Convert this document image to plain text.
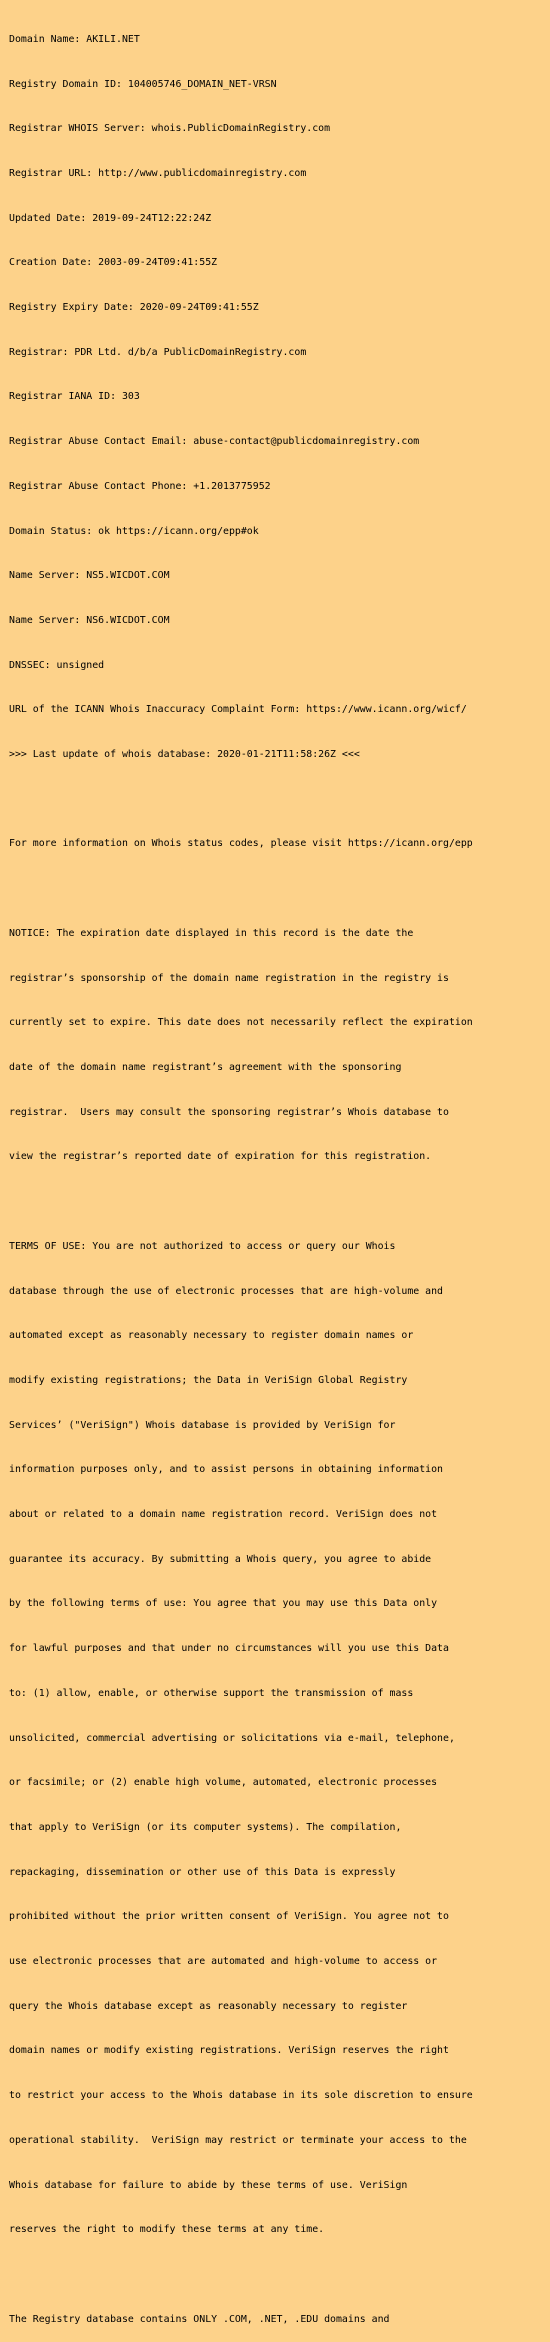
Domain Name: AKILI.NET

Registry Domain ID: 104005746_DOMAIN_NET-VRSN

Registrar WHOIS Server: whois.PublicDomainRegistry.com

Registrar URL: http://www.publicdomainregistry.com

Updated Date: 2019-09-24T12:22:24Z

Creation Date: 2003-09-24T09:41:55Z

Registry Expiry Date: 2020-09-24T09:41:55Z

Registrar: PDR Ltd. d/b/a PublicDomainRegistry.com

Registrar IANA ID: 303

Registrar Abuse Contact Email: abuse-contact@publicdomainregistry.com

Registrar Abuse Contact Phone: +1.2013775952

Domain Status: ok https://icann.org/epp#ok

Name Server: NS5.WICDOT.COM

Name Server: NS6.WICDOT.COM

DNSSEC: unsigned

URL of the ICANN Whois Inaccuracy Complaint Form: https://www.icann.org/wicf/

>>> Last update of whois database: 2020-01-21T11:58:26Z <<<

For more information on Whois status codes, please visit https://icann.org/epp

NOTICE: The expiration date displayed in this record is the date the

registrar’s sponsorship of the domain name registration in the registry is

currently set to expire. This date does not necessarily reflect the expiration

date of the domain name registrant’s agreement with the sponsoring

registrar.  Users may consult the sponsoring registrar’s Whois database to

view the registrar’s reported date of expiration for this registration.

TERMS OF USE: You are not authorized to access or query our Whois

database through the use of electronic processes that are high-volume and

automated except as reasonably necessary to register domain names or

modify existing registrations; the Data in VeriSign Global Registry

Services’ ("VeriSign") Whois database is provided by VeriSign for

information purposes only, and to assist persons in obtaining information

about or related to a domain name registration record. VeriSign does not

guarantee its accuracy. By submitting a Whois query, you agree to abide

by the following terms of use: You agree that you may use this Data only

for lawful purposes and that under no circumstances will you use this Data

to: (1) allow, enable, or otherwise support the transmission of mass

unsolicited, commercial advertising or solicitations via e-mail, telephone,

or facsimile; or (2) enable high volume, automated, electronic processes

that apply to VeriSign (or its computer systems). The compilation,

repackaging, dissemination or other use of this Data is expressly

prohibited without the prior written consent of VeriSign. You agree not to

use electronic processes that are automated and high-volume to access or

query the Whois database except as reasonably necessary to register

domain names or modify existing registrations. VeriSign reserves the right

to restrict your access to the Whois database in its sole discretion to ensure

operational stability.  VeriSign may restrict or terminate your access to the

Whois database for failure to abide by these terms of use. VeriSign

reserves the right to modify these terms at any time.

The Registry database contains ONLY .COM, .NET, .EDU domains and
